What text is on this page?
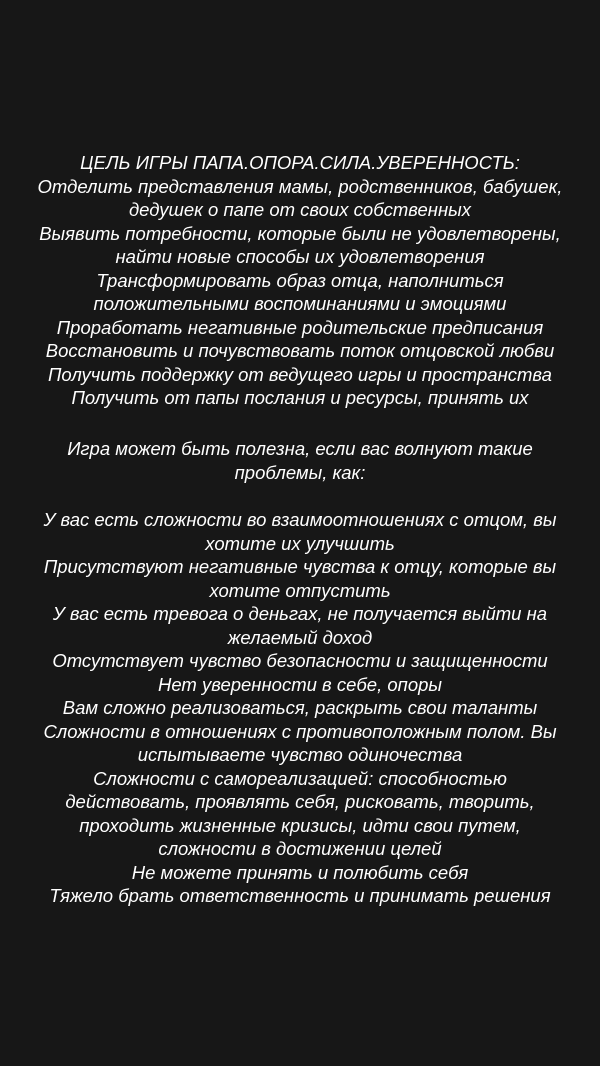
ЦЕЛЬ ИГРЫ ПАПА.ОПОРА.СИЛА.УВЕРЕННОСТЬ:
Отделить представления мамы, родственников, бабушек,
дедушек о папе от своих собственных
Выявить потребности, которые были не удовлетворены,
найти новые способы их удовлетворения
Трансформировать образ отца, наполниться
положительными воспоминаниями и эмоциями
Проработать негативные родительские предписания
Восстановить и почувствовать поток отцовской любви
Получить поддержку от ведущего игры и пространства
Получить от папы послания и ресурсы, принять их
Игра может быть полезна, если вас волнуют такие
проблемы, как:
У вас есть сложности во взаимоотношениях с отцом, вы
хотите их улучшить
Присутствуют негативные чувства к отцу, которые вы
хотите отпустить
У вас есть тревога о деньгах, не получается выйти на
желаемый доход
Отсутствует чувство безопасности и защищенности
Нет уверенности в себе, опоры
Вам сложно реализоваться, раскрыть свои таланты
Сложности в отношениях с противоположным полом. Вы
испытываете чувство одиночества
Сложности с самореализацией: способностью
действовать, проявлять себя, рисковать, творить,
проходить жизненные кризисы, идти свои путем,
сложности в достижении целей
Не можете принять и полюбить себя
Тяжело брать ответственность и принимать решения
